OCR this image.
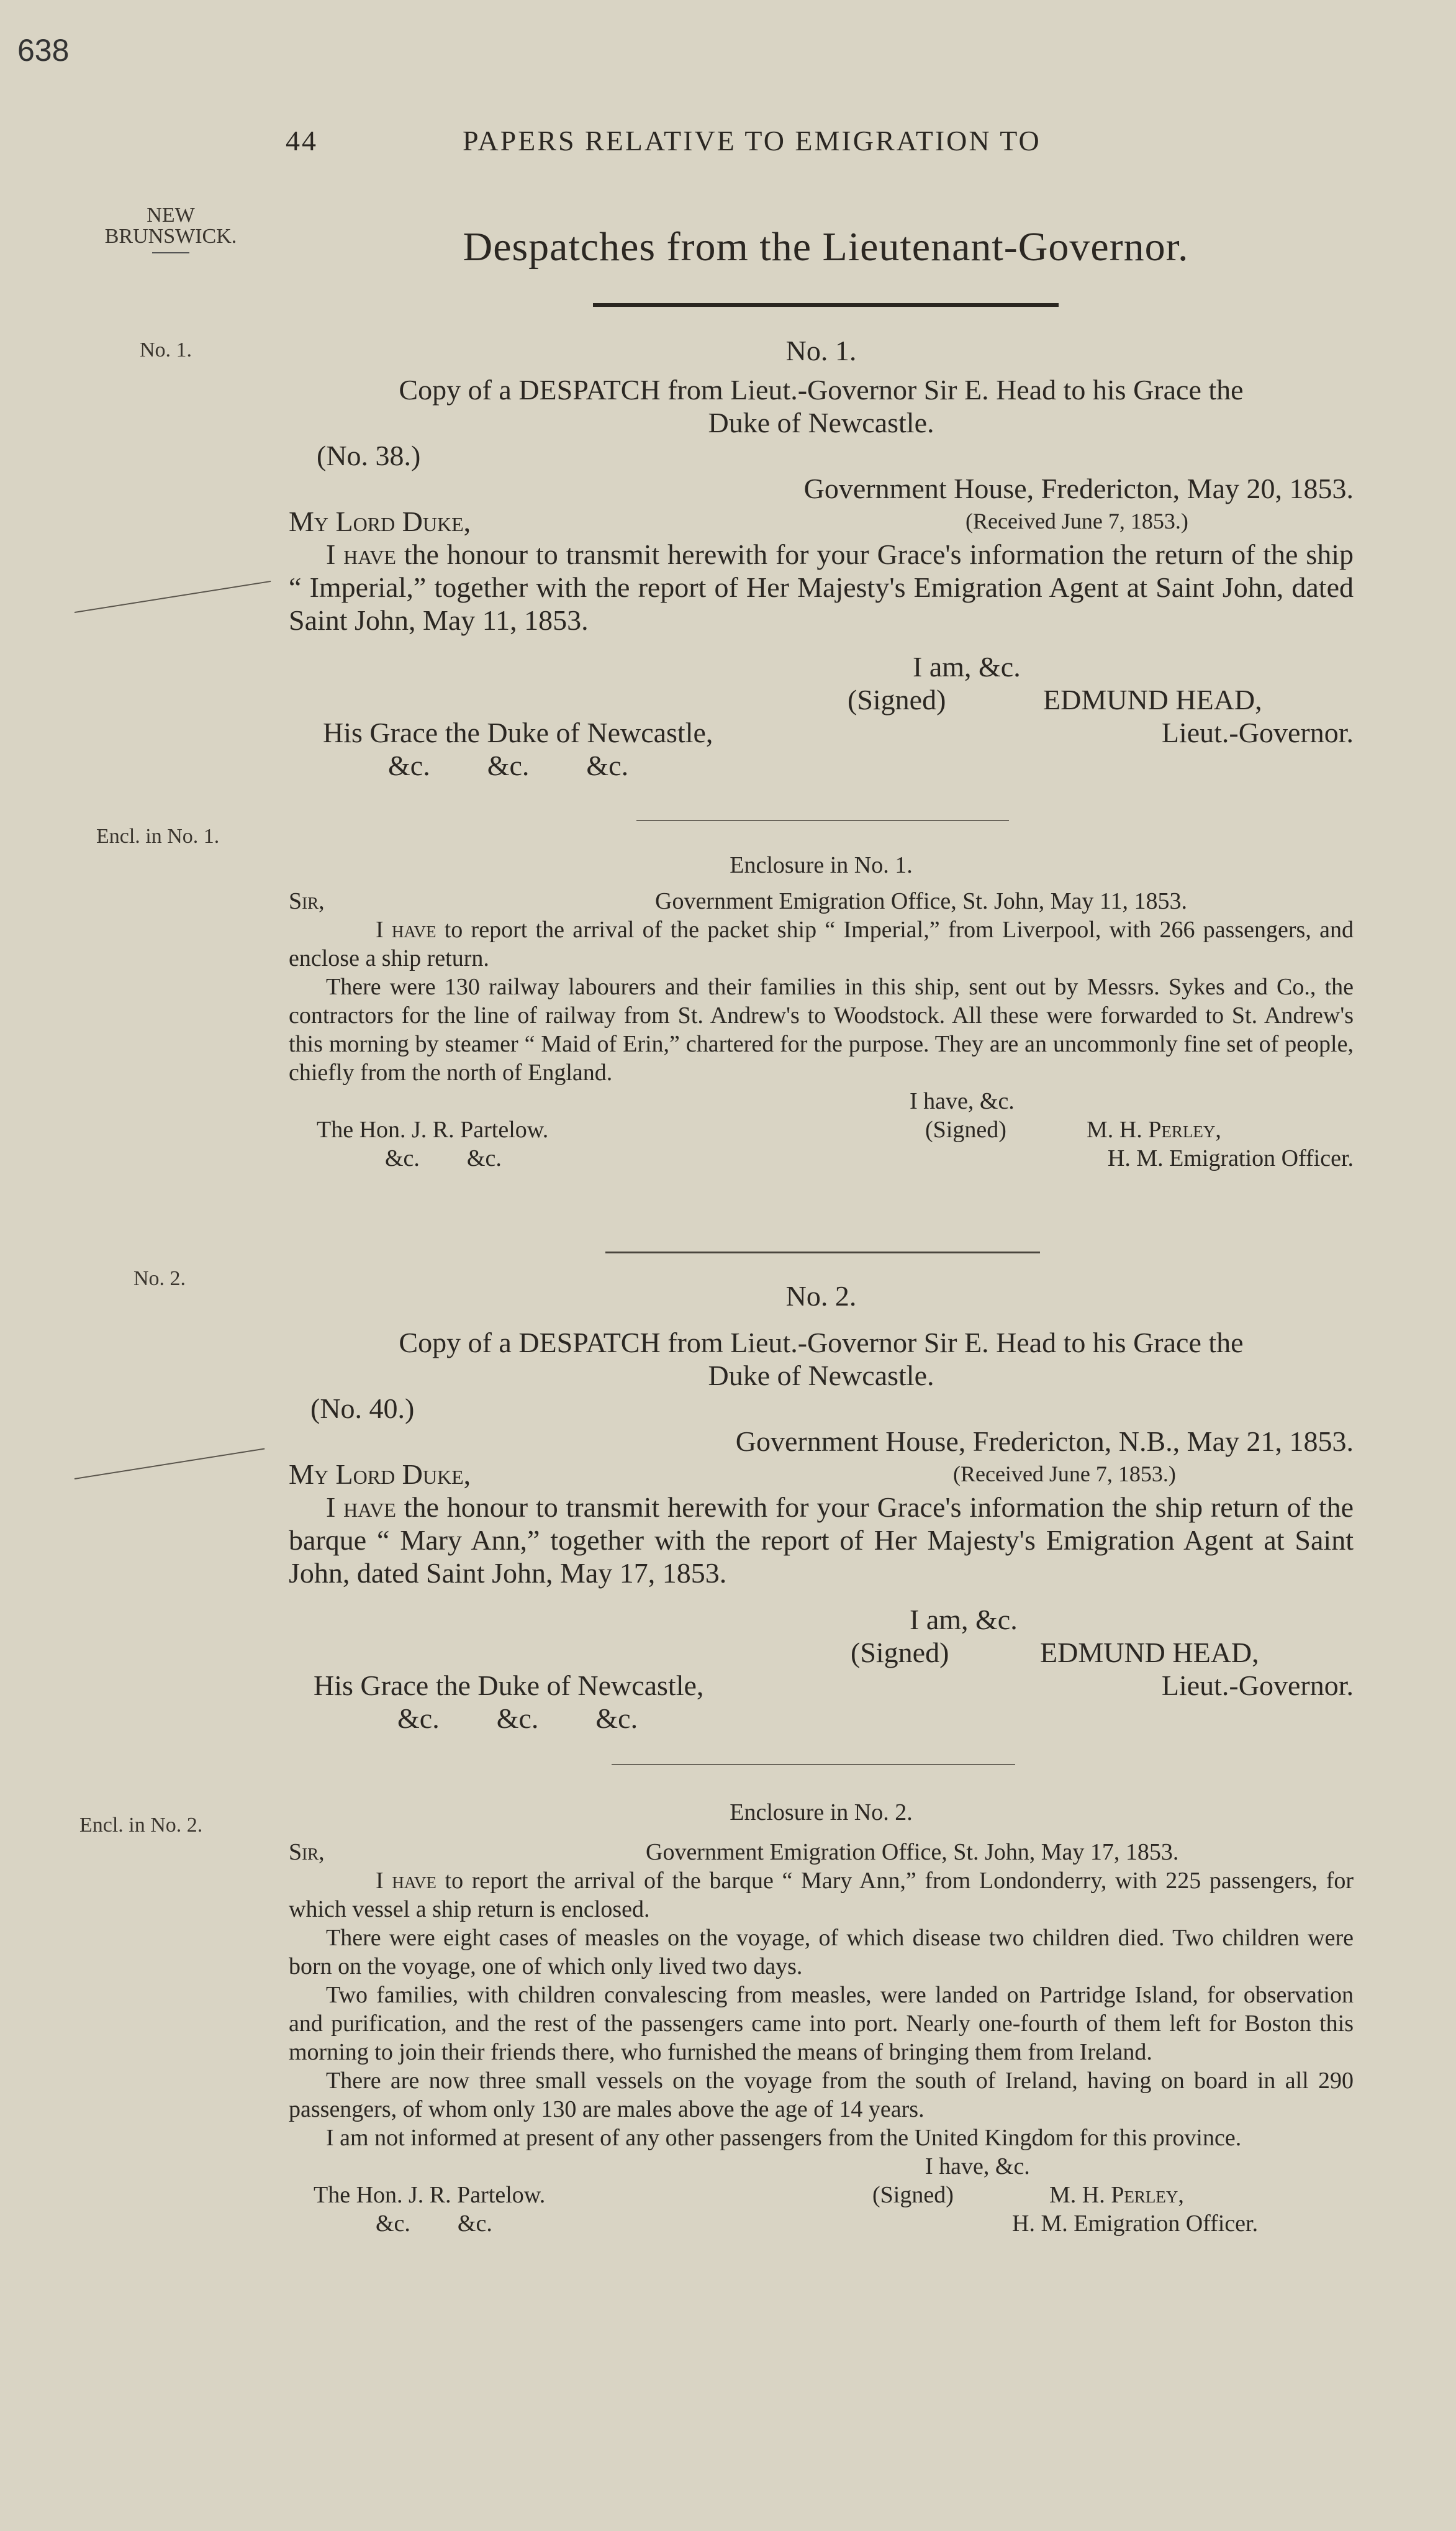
638
44	PAPERS RELATIVE TO EMIGRATION TO
NEW
BRUNSWICK.
No. 1.
Encl. in No. 1.
No. 2.
Encl. in No. 2.
Despatches from the Lieutenant-Governor.
No. 1.
Copy of a DESPATCH from Lieut.-Governor Sir E. Head to his Grace the
Duke of Newcastle.
(No. 38.)
Government House, Fredericton, May 20, 1853.
My Lord Duke,	(Received June 7, 1853.)

I have the honour to transmit herewith for your Grace's information the return of the ship “ Imperial,” together with the report of Her Majesty's Emigration Agent at Saint John, dated Saint John, May 11, 1853.

I am, &c.
(Signed)	EDMUND HEAD,
His Grace the Duke of Newcastle,	Lieut.-Governor.
&c.        &c.        &c.
Enclosure in No. 1.
Sir,	Government Emigration Office, St. John, May 11, 1853.

I have to report the arrival of the packet ship “ Imperial,” from Liverpool, with 266 passengers, and enclose a ship return.

There were 130 railway labourers and their families in this ship, sent out by Messrs. Sykes and Co., the contractors for the line of railway from St. Andrew's to Woodstock. All these were forwarded to St. Andrew's this morning by steamer “ Maid of Erin,” chartered for the purpose. They are an uncommonly fine set of people, chiefly from the north of England.

I have, &c.
The Hon. J. R. Partelow.	(Signed)	M. H. Perley,
&c.        &c.	H. M. Emigration Officer.
No. 2.
Copy of a DESPATCH from Lieut.-Governor Sir E. Head to his Grace the
Duke of Newcastle.
(No. 40.)
Government House, Fredericton, N.B., May 21, 1853.
My Lord Duke,	(Received June 7, 1853.)

I have the honour to transmit herewith for your Grace's information the ship return of the barque “ Mary Ann,” together with the report of Her Majesty's Emigration Agent at Saint John, dated Saint John, May 17, 1853.

I am, &c.
(Signed)	EDMUND HEAD,
His Grace the Duke of Newcastle,	Lieut.-Governor.
&c.        &c.        &c.
Enclosure in No. 2.
Sir,	Government Emigration Office, St. John, May 17, 1853.

I have to report the arrival of the barque “ Mary Ann,” from Londonderry, with 225 passengers, for which vessel a ship return is enclosed.

There were eight cases of measles on the voyage, of which disease two children died. Two children were born on the voyage, one of which only lived two days.

Two families, with children convalescing from measles, were landed on Partridge Island, for observation and purification, and the rest of the passengers came into port. Nearly one-fourth of them left for Boston this morning to join their friends there, who furnished the means of bringing them from Ireland.

There are now three small vessels on the voyage from the south of Ireland, having on board in all 290 passengers, of whom only 130 are males above the age of 14 years.

I am not informed at present of any other passengers from the United Kingdom for this province.

I have, &c.
The Hon. J. R. Partelow.	(Signed)	M. H. Perley,
&c.        &c.	H. M. Emigration Officer.
